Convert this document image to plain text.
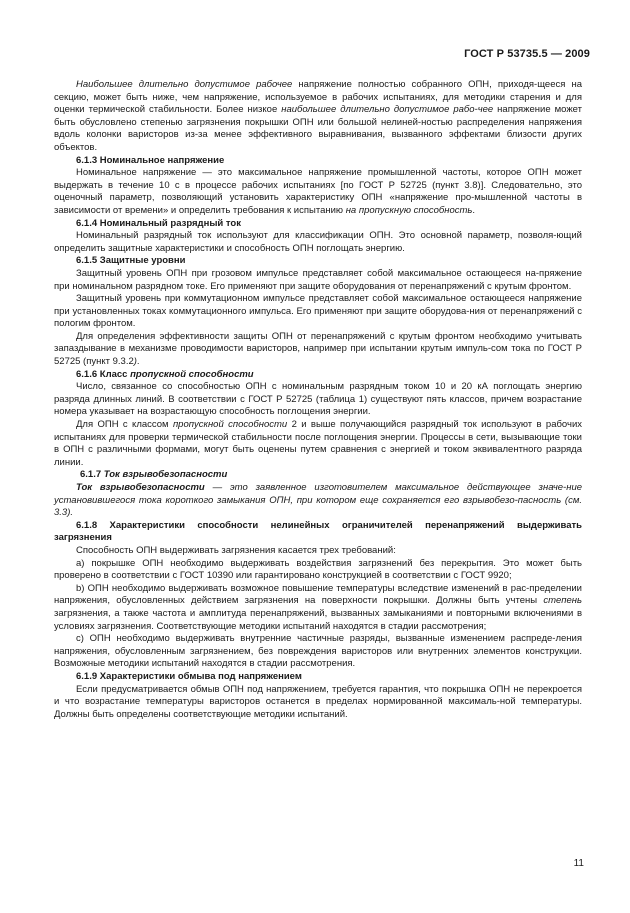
ГОСТ Р 53735.5 — 2009

Наибольшее длительно допустимое рабочее напряжение полностью собранного ОПН, приходя-щееся на секцию, может быть ниже, чем напряжение, используемое в рабочих испытаниях, для методики старения и для оценки термической стабильности. Более низкое наибольшее длительно допустимое рабо-чее напряжение может быть обусловлено степенью загрязнения покрышки ОПН или большой нелиней-ностью распределения напряжения вдоль колонки варисторов из-за менее эффективного выравнивания, вызванного эффектами близости других объектов.

6.1.3 Номинальное напряжение

Номинальное напряжение — это максимальное напряжение промышленной частоты, которое ОПН может выдержать в течение 10 с в процессе рабочих испытаниях [по ГОСТ Р 52725 (пункт 3.8)]. Следовательно, это оценочный параметр, позволяющий установить характеристику ОПН «напряжение про-мышленной частоты в зависимости от времени» и определить требования к испытанию на пропускную способность.

6.1.4 Номинальный разрядный ток

Номинальный разрядный ток используют для классификации ОПН. Это основной параметр, позволя-ющий определить защитные характеристики и способность ОПН поглощать энергию.

6.1.5 Защитные уровни

Защитный уровень ОПН при грозовом импульсе представляет собой максимальное остающееся на-пряжение при номинальном разрядном токе. Его применяют при защите оборудования от перенапряжений с крутым фронтом.

Защитный уровень при коммутационном импульсе представляет собой максимальное остающееся напряжение при установленных токах коммутационного импульса. Его применяют при защите оборудова-ния от перенапряжений с пологим фронтом.

Для определения эффективности защиты ОПН от перенапряжений с крутым фронтом необходимо учитывать запаздывание в механизме проводимости варисторов, например при испытании крутым импуль-сом тока по ГОСТ Р 52725 (пункт 9.3.2).

6.1.6 Класс пропускной способности

Число, связанное со способностью ОПН с номинальным разрядным током 10 и 20 кА поглощать энергию разряда длинных линий. В соответствии с ГОСТ Р 52725 (таблица 1) существуют пять классов, причем возрастание номера указывает на возрастающую способность поглощения энергии.

Для ОПН с классом пропускной способности 2 и выше получающийся разрядный ток используют в рабочих испытаниях для проверки термической стабильности после поглощения энергии. Процессы в сети, вызывающие токи в ОПН с различными формами, могут быть оценены путем сравнения с энергией и током эквивалентного разряда линии.

6.1.7 Ток взрывобезопасности

Ток взрывобезопасности — это заявленное изготовителем максимальное действующее значе-ние установившегося тока короткого замыкания ОПН, при котором еще сохраняется его взрывобезо-пасность (см. 3.3).

6.1.8 Характеристики способности нелинейных ограничителей перенапряжений выдерживать загрязнения

Способность ОПН выдерживать загрязнения касается трех требований:

а) покрышке ОПН необходимо выдерживать воздействия загрязнений без перекрытия. Это может быть проверено в соответствии с ГОСТ 10390 или гарантировано конструкцией в соответствии с ГОСТ 9920;

b) ОПН необходимо выдерживать возможное повышение температуры вследствие изменений в рас-пределении напряжения, обусловленных действием загрязнения на поверхности покрышки. Должны быть учтены степень загрязнения, а также частота и амплитуда перенапряжений, вызванных замыканиями и повторными включениями в условиях загрязнения. Соответствующие методики испытаний находятся в стадии рассмотрения;

с) ОПН необходимо выдерживать внутренние частичные разряды, вызванные изменением распреде-ления напряжения, обусловленным загрязнением, без повреждения варисторов или внутренних элементов конструкции. Возможные методики испытаний находятся в стадии рассмотрения.

6.1.9 Характеристики обмыва под напряжением

Если предусматривается обмыв ОПН под напряжением, требуется гарантия, что покрышка ОПН не перекроется и что возрастание температуры варисторов останется в пределах нормированной максималь-ной температуры. Должны быть определены соответствующие методики испытаний.

11
